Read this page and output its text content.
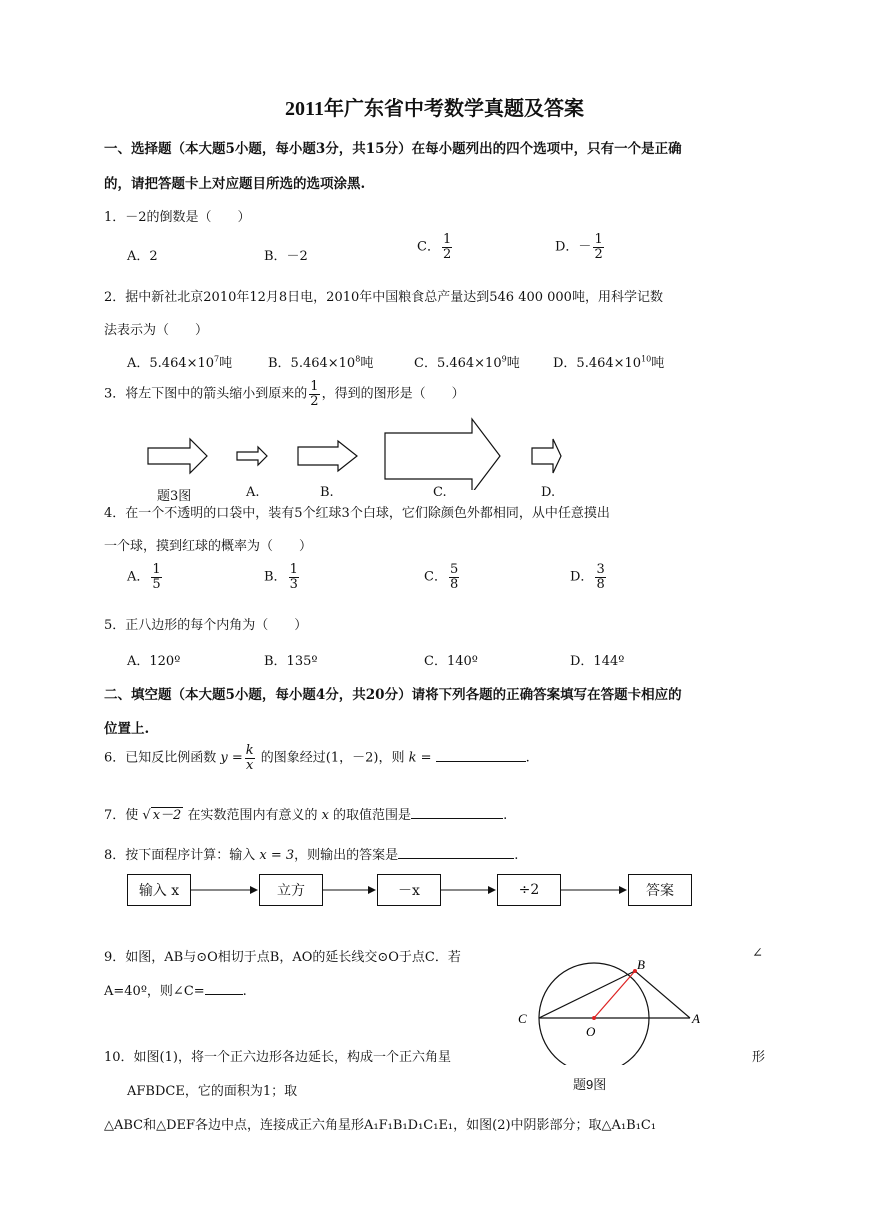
2011年广东省中考数学真题及答案
一、选择题（本大题5小题，每小题3分，共15分）在每小题列出的四个选项中，只有一个是正确
的，请把答题卡上对应题目所选的选项涂黑.
1．－2的倒数是（　　）
A．2	B．－2
C． $\frac{1}{2}$	D．－ $\frac{1}{2}$
2．据中新社北京2010年12月8日电，2010年中国粮食总产量达到546 400 000吨，用科学记数
法表示为（　　）
A．$5.464\times 10^7$吨	B．$5.464\times 10^8$吨	C．$5.464\times 10^9$吨	D．$5.464\times 10^{10}$吨
3．将左下图中的箭头缩小到原来的 $\frac{1}{2}$ ，得到的图形是（　　）
题3图	A.	B.	C.	D.
4．在一个不透明的口袋中，装有5个红球3个白球，它们除颜色外都相同，从中任意摸出
一个球，摸到红球的概率为（　　）
A． $\frac{1}{5}$	B． $\frac{1}{3}$	C． $\frac{5}{8}$	D． $\frac{3}{8}$
5．正八边形的每个内角为（　　）
A．120º	B．135º	C．140º	D．144º
二、填空题（本大题5小题，每小题4分，共20分）请将下列各题的正确答案填写在答题卡相应的
位置上.
6．已知反比例函数 $y = \frac{k}{x}$ 的图象经过(1，－2)，则 k =	.
7．使 √ x－2 在实数范围内有意义的 x 的取值范围是	.
8．按下面程序计算：输入 x = 3，则输出的答案是	.
输入 x	立方	－x	÷2	答案
9．如图，AB与⊙O相切于点B，AO的延长线交⊙O于点C．若	∠
A=40º，则∠C=	.
B
C
O
A
题9图
10．如图(1)，将一个正六边形各边延长，构成一个正六角星	形
AFBDCE，它的面积为1；取
△ABC和△DEF各边中点，连接成正六角星形A₁F₁B₁D₁C₁E₁，如图(2)中阴影部分；取△A₁B₁C₁
